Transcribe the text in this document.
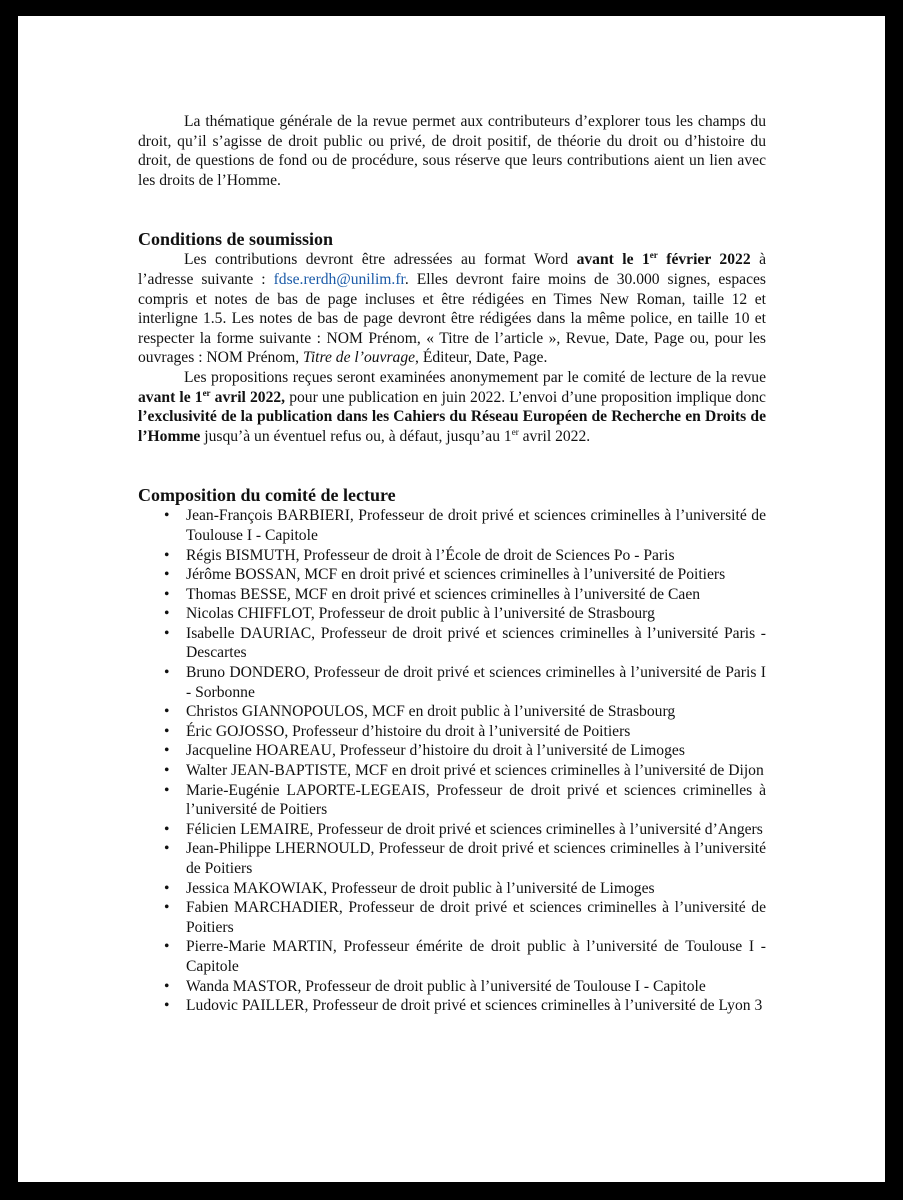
La thématique générale de la revue permet aux contributeurs d’explorer tous les champs du droit, qu’il s’agisse de droit public ou privé, de droit positif, de théorie du droit ou d’histoire du droit, de questions de fond ou de procédure, sous réserve que leurs contributions aient un lien avec les droits de l’Homme.

Conditions de soumission

Les contributions devront être adressées au format Word avant le 1er février 2022 à l’adresse suivante : fdse.rerdh@unilim.fr. Elles devront faire moins de 30.000 signes, espaces compris et notes de bas de page incluses et être rédigées en Times New Roman, taille 12 et interligne 1.5. Les notes de bas de page devront être rédigées dans la même police, en taille 10 et respecter la forme suivante : NOM Prénom, « Titre de l’article », Revue, Date, Page ou, pour les ouvrages : NOM Prénom, Titre de l’ouvrage, Éditeur, Date, Page.

Les propositions reçues seront examinées anonymement par le comité de lecture de la revue avant le 1er avril 2022, pour une publication en juin 2022. L’envoi d’une proposition implique donc l’exclusivité de la publication dans les Cahiers du Réseau Européen de Recherche en Droits de l’Homme jusqu’à un éventuel refus ou, à défaut, jusqu’au 1er avril 2022.

Composition du comité de lecture
• Jean-François BARBIERI, Professeur de droit privé et sciences criminelles à l’université de Toulouse I - Capitole
• Régis BISMUTH, Professeur de droit à l’École de droit de Sciences Po - Paris
• Jérôme BOSSAN, MCF en droit privé et sciences criminelles à l’université de Poitiers
• Thomas BESSE, MCF en droit privé et sciences criminelles à l’université de Caen
• Nicolas CHIFFLOT, Professeur de droit public à l’université de Strasbourg
• Isabelle DAURIAC, Professeur de droit privé et sciences criminelles à l’université Paris - Descartes
• Bruno DONDERO, Professeur de droit privé et sciences criminelles à l’université de Paris I - Sorbonne
• Christos GIANNOPOULOS, MCF en droit public à l’université de Strasbourg
• Éric GOJOSSO, Professeur d’histoire du droit à l’université de Poitiers
• Jacqueline HOAREAU, Professeur d’histoire du droit à l’université de Limoges
• Walter JEAN-BAPTISTE, MCF en droit privé et sciences criminelles à l’université de Dijon
• Marie-Eugénie LAPORTE-LEGEAIS, Professeur de droit privé et sciences criminelles à l’université de Poitiers
• Félicien LEMAIRE, Professeur de droit privé et sciences criminelles à l’université d’Angers
• Jean-Philippe LHERNOULD, Professeur de droit privé et sciences criminelles à l’université de Poitiers
• Jessica MAKOWIAK, Professeur de droit public à l’université de Limoges
• Fabien MARCHADIER, Professeur de droit privé et sciences criminelles à l’université de Poitiers
• Pierre-Marie MARTIN, Professeur émérite de droit public à l’université de Toulouse I - Capitole
• Wanda MASTOR, Professeur de droit public à l’université de Toulouse I - Capitole
• Ludovic PAILLER, Professeur de droit privé et sciences criminelles à l’université de Lyon 3
